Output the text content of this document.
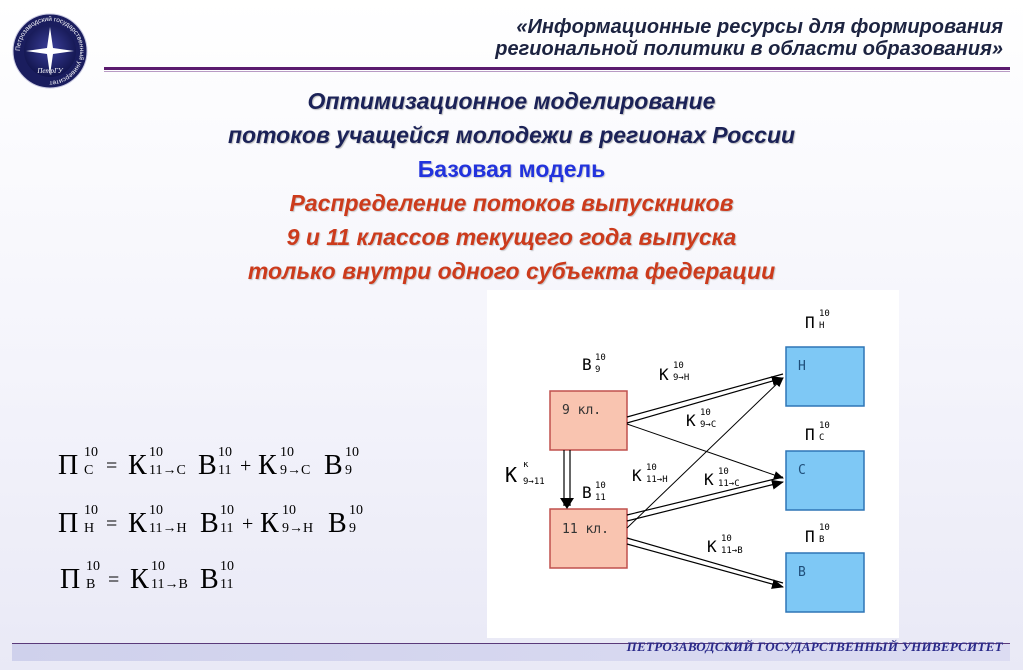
Петрозаводский государственный университет
ПетрГУ
«Информационные ресурсы для формирования
региональной политики в области образования»
Оптимизационное моделирование
потоков учащейся молодежи в регионах России
Базовая модель
Распределение потоков выпускников
9 и 11 классов текущего года выпуска
только внутри одного субъекта федерации
П 10
С = К 10
11→С В 10
11 + К 10
9→С В 10
9
П 10
Н = К 10
11→Н В 10
11 + К 10
9→Н В 10
9
П 10
В = К 10
11→В В 10
11
9 кл.
11 кл.
Н
С
В
В 10
9
В 10
11
П 10
Н
П 10
С
П 10
В
К 10
9→Н
К 10
9→С
К 10
11→Н К 10
11→С
К 10
11→В
К к
9→11
ПЕТРОЗАВОДСКИЙ ГОСУДАРСТВЕННЫЙ УНИВЕРСИТЕТ
